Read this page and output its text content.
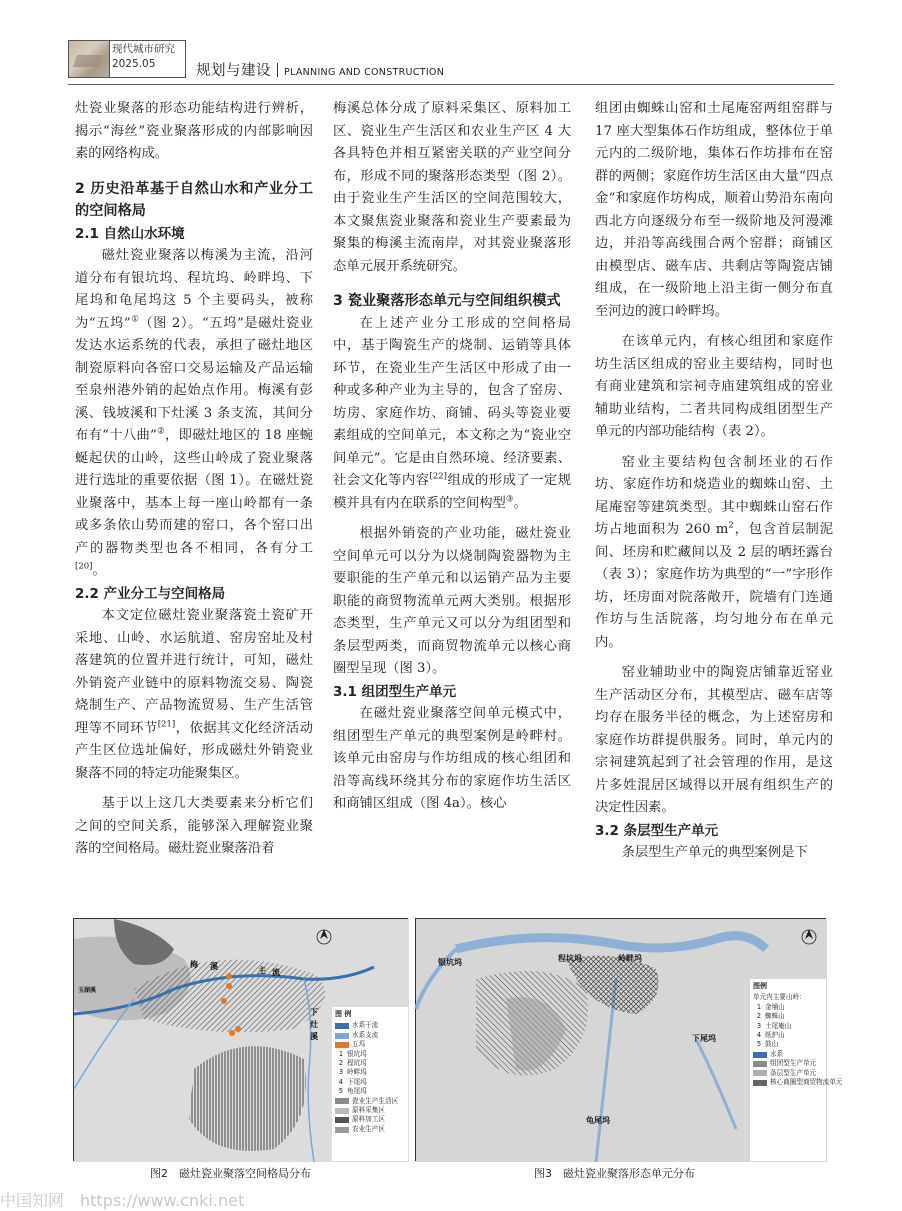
现代城市研究
2025.05	规划与建设 PLANNING AND CONSTRUCTION

灶瓷业聚落的形态功能结构进行辨析，揭示“海丝”瓷业聚落形成的内部影响因素的网络构成。

2 历史沿革基于自然山水和产业分工的空间格局
2.1 自然山水环境

磁灶瓷业聚落以梅溪为主流，沿河道分布有银坑坞、程坑坞、岭畔坞、下尾坞和龟尾坞这 5 个主要码头，被称为“五坞”①（图 2）。“五坞”是磁灶瓷业发达水运系统的代表，承担了磁灶地区制瓷原料向各窑口交易运输及产品运输至泉州港外销的起始点作用。梅溪有彭溪、钱坡溪和下灶溪 3 条支流，其间分布有“十八曲”②，即磁灶地区的 18 座蜿蜒起伏的山岭，这些山岭成了瓷业聚落进行选址的重要依据（图 1）。在磁灶瓷业聚落中，基本上每一座山岭都有一条或多条依山势而建的窑口，各个窑口出产的器物类型也各不相同，各有分工[20]。

2.2 产业分工与空间格局

本文定位磁灶瓷业聚落瓷土瓷矿开采地、山岭、水运航道、窑房窑址及村落建筑的位置并进行统计，可知，磁灶外销瓷产业链中的原料物流交易、陶瓷烧制生产、产品物流贸易、生产生活管理等不同环节[21]，依据其文化经济活动产生区位选址偏好，形成磁灶外销瓷业聚落不同的特定功能聚集区。

基于以上这几大类要素来分析它们之间的空间关系，能够深入理解瓷业聚落的空间格局。磁灶瓷业聚落沿着

梅溪总体分成了原料采集区、原料加工区、瓷业生产生活区和农业生产区 4 大各具特色并相互紧密关联的产业空间分布，形成不同的聚落形态类型（图 2）。由于瓷业生产生活区的空间范围较大，本文聚焦瓷业聚落和瓷业生产要素最为聚集的梅溪主流南岸，对其瓷业聚落形态单元展开系统研究。

3 瓷业聚落形态单元与空间组织模式

在上述产业分工形成的空间格局中，基于陶瓷生产的烧制、运销等具体环节，在瓷业生产生活区中形成了由一种或多种产业为主导的，包含了窑房、坊房、家庭作坊、商铺、码头等瓷业要素组成的空间单元，本文称之为“瓷业空间单元”。它是由自然环境、经济要素、社会文化等内容[22]组成的形成了一定规模并具有内在联系的空间构型③。

根据外销瓷的产业功能，磁灶瓷业空间单元可以分为以烧制陶瓷器物为主要职能的生产单元和以运销产品为主要职能的商贸物流单元两大类别。根据形态类型，生产单元又可以分为组团型和条层型两类，而商贸物流单元以核心商圈型呈现（图 3）。

3.1 组团型生产单元

在磁灶瓷业聚落空间单元模式中，组团型生产单元的典型案例是岭畔村。该单元由窑房与作坊组成的核心组团和沿等高线环绕其分布的家庭作坊生活区和商铺区组成（图 4a）。核心

组团由蜘蛛山窑和土尾庵窑两组窑群与 17 座大型集体石作坊组成，整体位于单元内的二级阶地，集体石作坊排布在窑群的两侧；家庭作坊生活区由大量“四点金”和家庭作坊构成，顺着山势沿东南向西北方向逐级分布至一级阶地及河漫滩边，并沿等高线围合两个窑群；商铺区由模型店、磁车店、共剩店等陶瓷店铺组成，在一级阶地上沿主街一侧分布直至河边的渡口岭畔坞。

在该单元内，有核心组团和家庭作坊生活区组成的窑业主要结构，同时也有商业建筑和宗祠寺庙建筑组成的窑业辅助业结构，二者共同构成组团型生产单元的内部功能结构（表 2）。

窑业主要结构包含制坯业的石作坊、家庭作坊和烧造业的蜘蛛山窑、土尾庵窑等建筑类型。其中蜘蛛山窑石作坊占地面积为 260 $m^2$，包含首层制泥间、坯房和贮藏间以及 2 层的晒坯露台（表 3）；家庭作坊为典型的“一”字形作坊，坯房面对院落敞开，院墙有门连通作坊与生活院落，均匀地分布在单元内。

窑业辅助业中的陶瓷店铺靠近窑业生产活动区分布，其模型店、磁车店等均存在服务半径的概念，为上述窑房和家庭作坊群提供服务。同时，单元内的宗祠建筑起到了社会管理的作用，是这片多姓混居区域得以开展有组织生产的决定性因素。

3.2 条层型生产单元

条层型生产单元的典型案例是下

梅 溪	主 流
下
灶
溪
玉湖溪
图 例
水系干流
水系支流
五坞
1 银坑坞
2 程坑坞
3 岭畔坞
4 下尾坞
5 龟尾坞
瓷业生产生活区
原料采集区
原料加工区
农业生产区
图2　磁灶瓷业聚落空间格局分布
银坑坞	程坑坞	岭畔坞
下尾坞
龟尾坞
图例
单元内主要山岭：
1 金埔山
2 蜘蛛山
3 土尾庵山
4 纸炉山
5 鼓山
水系
组团型生产单元
条层型生产单元
核心商圈型商贸物流单元
图3　磁灶瓷业聚落形态单元分布
中国知网　https://www.cnki.net
